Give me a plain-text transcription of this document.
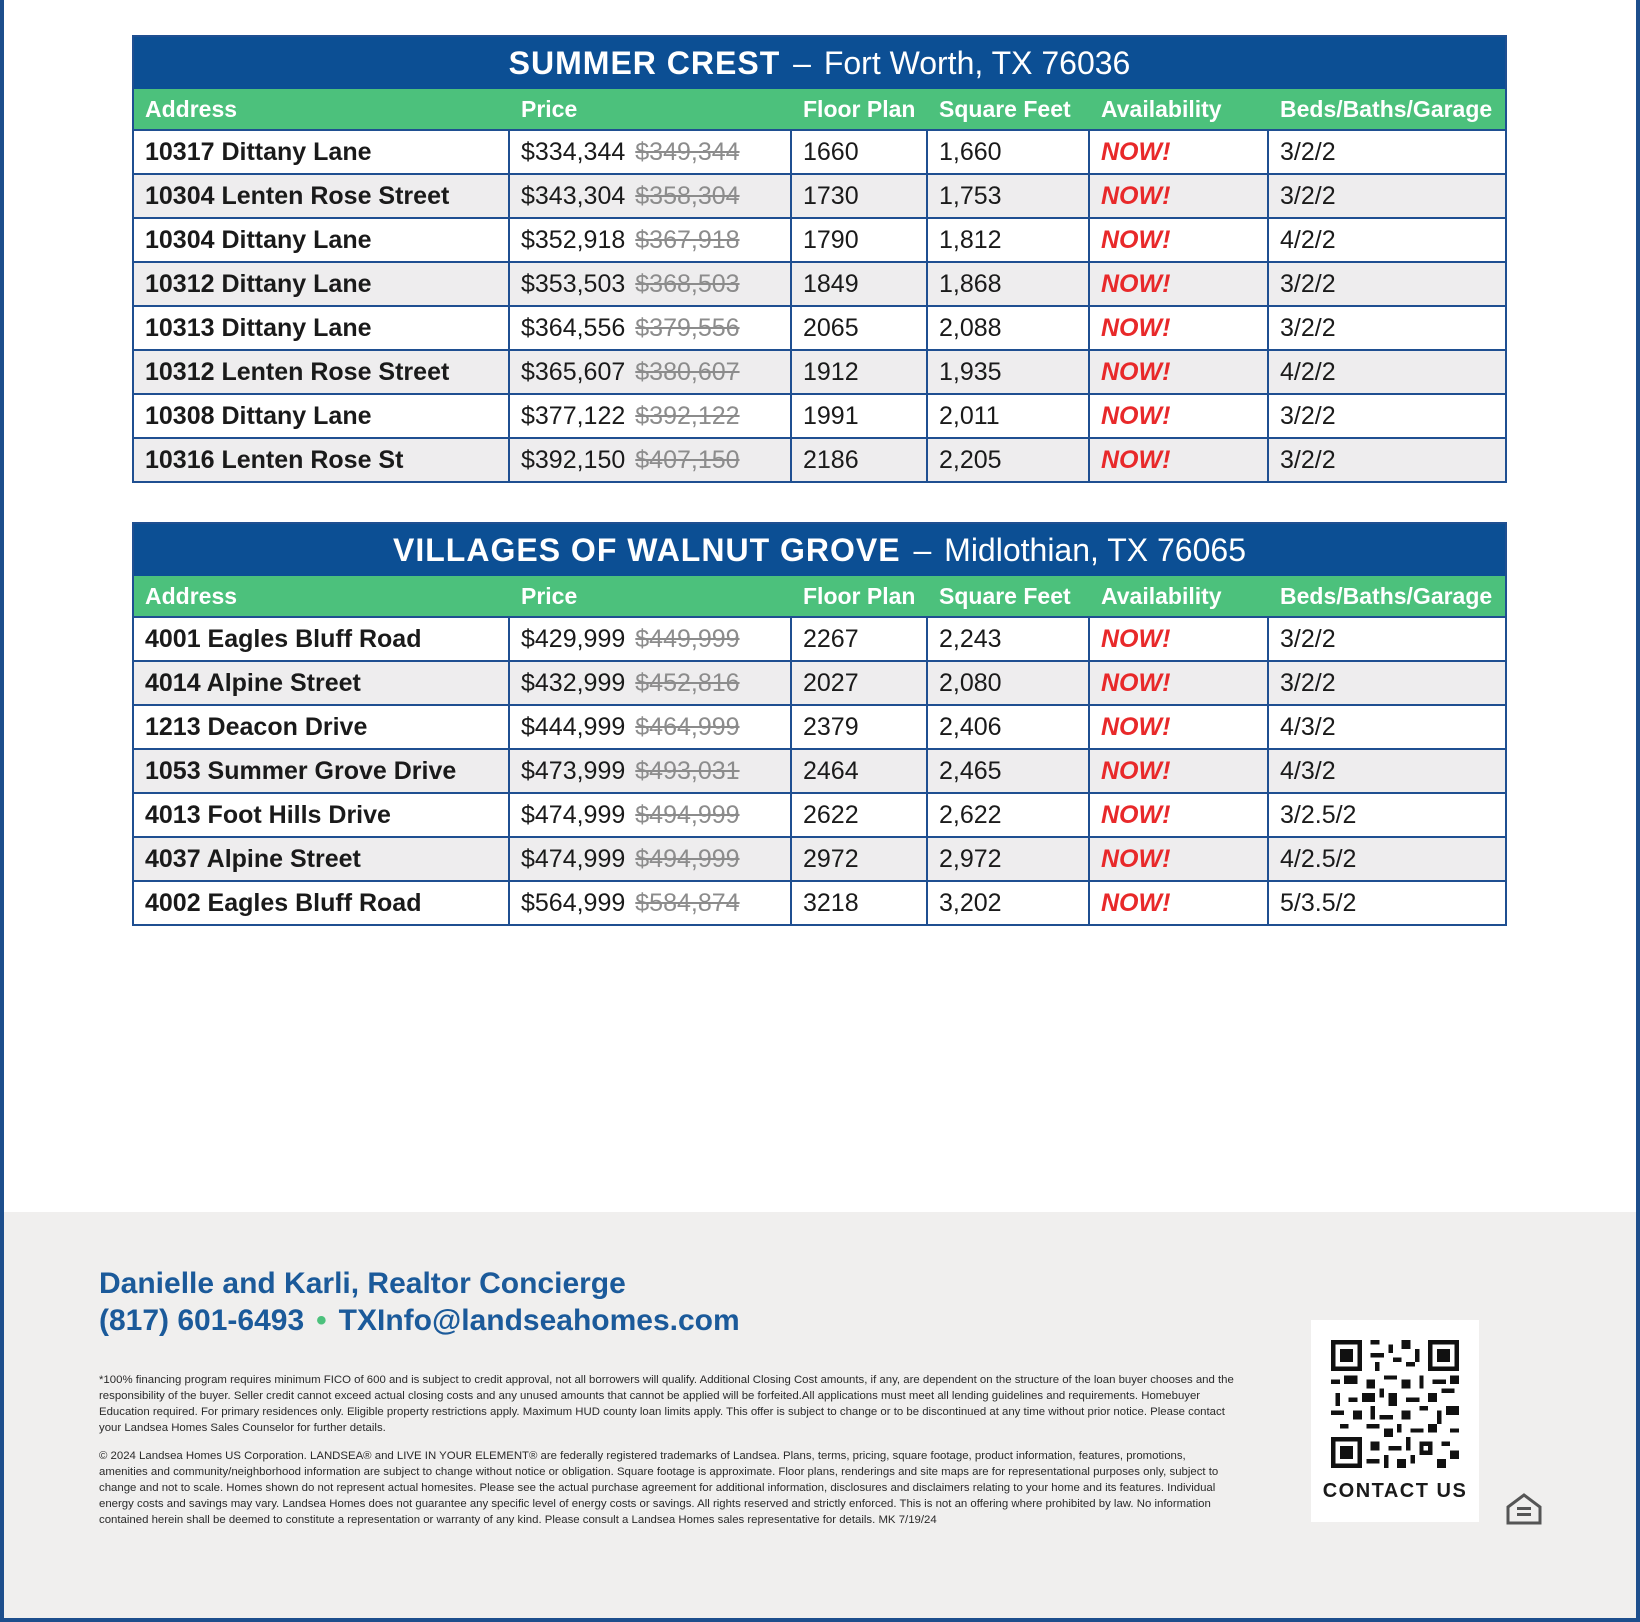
SUMMER CREST – Fort Worth, TX 76036
Address	Price	Floor Plan	Square Feet	Availability	Beds/Baths/Garage
10317 Dittany Lane	$334,344 $349,344	1660	1,660	NOW!	3/2/2
10304 Lenten Rose Street	$343,304 $358,304	1730	1,753	NOW!	3/2/2
10304 Dittany Lane	$352,918 $367,918	1790	1,812	NOW!	4/2/2
10312 Dittany Lane	$353,503 $368,503	1849	1,868	NOW!	3/2/2
10313 Dittany Lane	$364,556 $379,556	2065	2,088	NOW!	3/2/2
10312 Lenten Rose Street	$365,607 $380,607	1912	1,935	NOW!	4/2/2
10308 Dittany Lane	$377,122 $392,122	1991	2,011	NOW!	3/2/2
10316 Lenten Rose St	$392,150 $407,150	2186	2,205	NOW!	3/2/2
VILLAGES OF WALNUT GROVE – Midlothian, TX 76065
Address	Price	Floor Plan	Square Feet	Availability	Beds/Baths/Garage
4001 Eagles Bluff Road	$429,999 $449,999	2267	2,243	NOW!	3/2/2
4014 Alpine Street	$432,999 $452,816	2027	2,080	NOW!	3/2/2
1213 Deacon Drive	$444,999 $464,999	2379	2,406	NOW!	4/3/2
1053 Summer Grove Drive	$473,999 $493,031	2464	2,465	NOW!	4/3/2
4013 Foot Hills Drive	$474,999 $494,999	2622	2,622	NOW!	3/2.5/2
4037 Alpine Street	$474,999 $494,999	2972	2,972	NOW!	4/2.5/2
4002 Eagles Bluff Road	$564,999 $584,874	3218	3,202	NOW!	5/3.5/2
Danielle and Karli, Realtor Concierge
(817) 601-6493 • TXInfo@landseahomes.com
*100% financing program requires minimum FICO of 600 and is subject to credit approval, not all borrowers will qualify. Additional Closing Cost amounts, if any, are dependent on the structure of the loan buyer chooses and the responsibility of the buyer. Seller credit cannot exceed actual closing costs and any unused amounts that cannot be applied will be forfeited.All applications must meet all lending guidelines and requirements. Homebuyer Education required. For primary residences only. Eligible property restrictions apply. Maximum HUD county loan limits apply. This offer is subject to change or to be discontinued at any time without prior notice. Please contact your Landsea Homes Sales Counselor for further details.
© 2024 Landsea Homes US Corporation. LANDSEA® and LIVE IN YOUR ELEMENT® are federally registered trademarks of Landsea. Plans, terms, pricing, square footage, product information, features, promotions, amenities and community/neighborhood information are subject to change without notice or obligation. Square footage is approximate. Floor plans, renderings and site maps are for representational purposes only, subject to change and not to scale. Homes shown do not represent actual homesites. Please see the actual purchase agreement for additional information, disclosures and disclaimers relating to your home and its features. Individual energy costs and savings may vary. Landsea Homes does not guarantee any specific level of energy costs or savings. All rights reserved and strictly enforced. This is not an offering where prohibited by law. No information contained herein shall be deemed to constitute a representation or warranty of any kind. Please consult a Landsea Homes sales representative for details. MK 7/19/24
CONTACT US
